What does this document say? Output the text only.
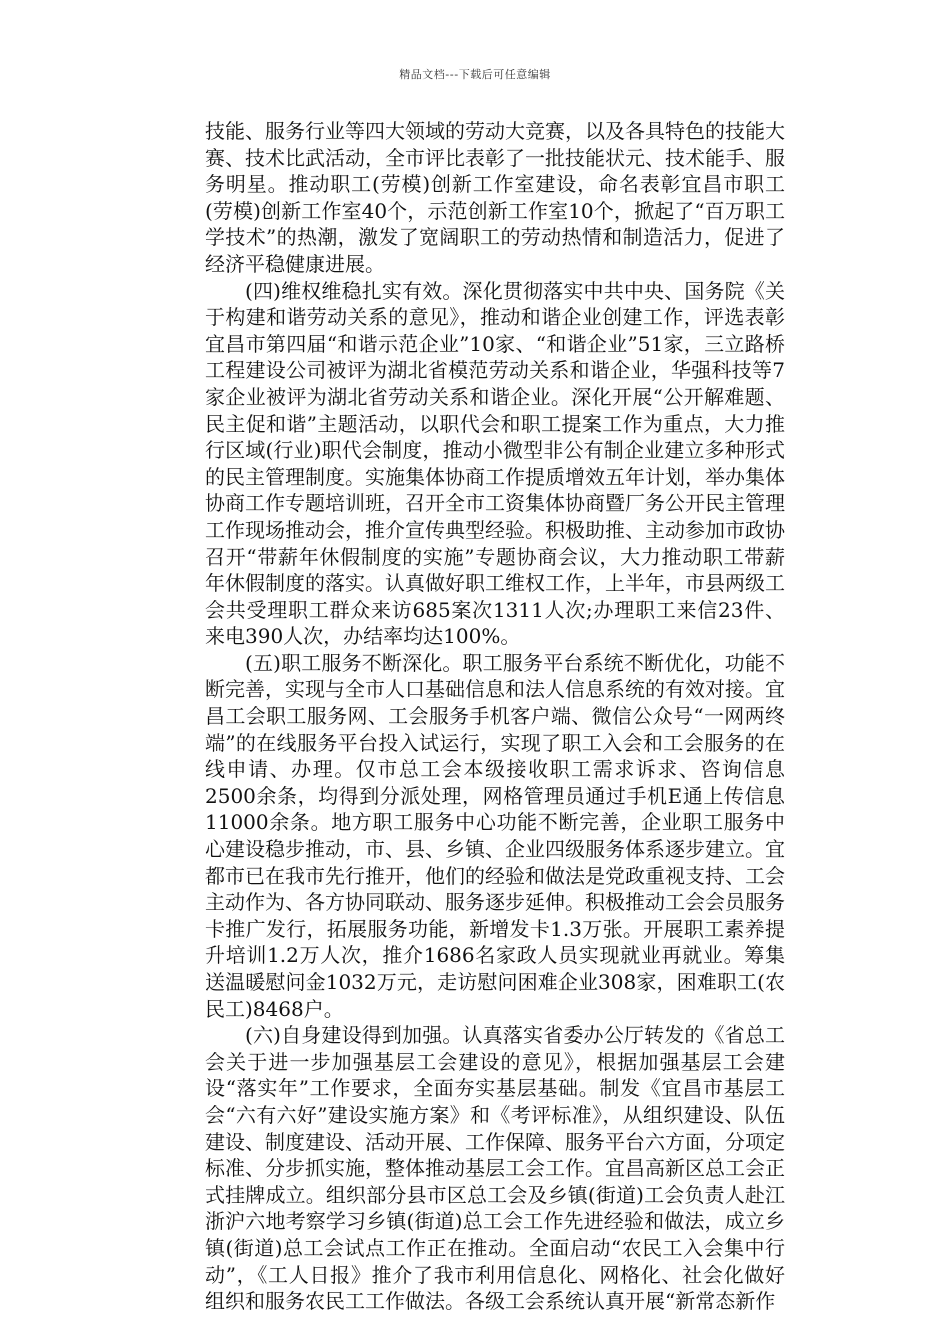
精品文档---下载后可任意编辑

技能、服务行业等四大领域的劳动大竞赛，以及各具特色的技能大赛、技术比武活动，全市评比表彰了一批技能状元、技术能手、服务明星。推动职工(劳模)创新工作室建设，命名表彰宜昌市职工(劳模)创新工作室40个，示范创新工作室10个，掀起了“百万职工学技术”的热潮，激发了宽阔职工的劳动热情和制造活力，促进了经济平稳健康进展。

(四)维权维稳扎实有效。深化贯彻落实中共中央、国务院《关于构建和谐劳动关系的意见》，推动和谐企业创建工作，评选表彰宜昌市第四届“和谐示范企业”10家、“和谐企业”51家，三立路桥工程建设公司被评为湖北省模范劳动关系和谐企业，华强科技等7家企业被评为湖北省劳动关系和谐企业。深化开展“公开解难题、民主促和谐”主题活动，以职代会和职工提案工作为重点，大力推行区域(行业)职代会制度，推动小微型非公有制企业建立多种形式的民主管理制度。实施集体协商工作提质增效五年计划，举办集体协商工作专题培训班，召开全市工资集体协商暨厂务公开民主管理工作现场推动会，推介宣传典型经验。积极助推、主动参加市政协召开“带薪年休假制度的实施”专题协商会议，大力推动职工带薪年休假制度的落实。认真做好职工维权工作，上半年，市县两级工会共受理职工群众来访685案次1311人次;办理职工来信23件、来电390人次，办结率均达100%。

(五)职工服务不断深化。职工服务平台系统不断优化，功能不断完善，实现与全市人口基础信息和法人信息系统的有效对接。宜昌工会职工服务网、工会服务手机客户端、微信公众号“一网两终端”的在线服务平台投入试运行，实现了职工入会和工会服务的在线申请、办理。仅市总工会本级接收职工需求诉求、咨询信息2500余条，均得到分派处理，网格管理员通过手机E通上传信息11000余条。地方职工服务中心功能不断完善，企业职工服务中心建设稳步推动，市、县、乡镇、企业四级服务体系逐步建立。宜都市已在我市先行推开，他们的经验和做法是党政重视支持、工会主动作为、各方协同联动、服务逐步延伸。积极推动工会会员服务卡推广发行，拓展服务功能，新增发卡1.3万张。开展职工素养提升培训1.2万人次，推介1686名家政人员实现就业再就业。筹集送温暖慰问金1032万元，走访慰问困难企业308家，困难职工(农民工)8468户。

(六)自身建设得到加强。认真落实省委办公厅转发的《省总工会关于进一步加强基层工会建设的意见》，根据加强基层工会建设“落实年”工作要求，全面夯实基层基础。制发《宜昌市基层工会“六有六好”建设实施方案》和《考评标准》，从组织建设、队伍建设、制度建设、活动开展、工作保障、服务平台六方面，分项定标准、分步抓实施，整体推动基层工会工作。宜昌高新区总工会正式挂牌成立。组织部分县市区总工会及乡镇(街道)工会负责人赴江浙沪六地考察学习乡镇(街道)总工会工作先进经验和做法，成立乡镇(街道)总工会试点工作正在推动。全面启动“农民工入会集中行动”，《工人日报》推介了我市利用信息化、网格化、社会化做好组织和服务农民工工作做法。各级工会系统认真开展“新常态新作
